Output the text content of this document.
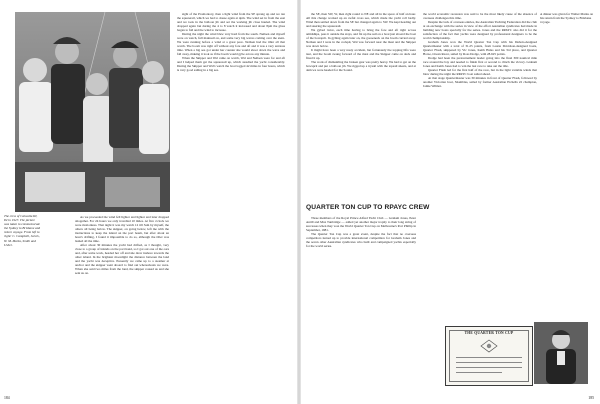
The crew of Calwalla III,
Ilé in 1927. The picture
was taken to commemorate
the Sydney to Brisbane and
return voyage. From left to
right: C. Campbell, Jarvis,
W. M. Marks, Smith and
Usher.

As we proceeded the wind fell lighter and lighter and later dropped altogether. For 24 hours we only travelled 10 miles. At five o'clock we were motionless. That night it was my watch 12 till 3am by myself, the others all being below. The skipper, on going below, left me with the instructions to keep the island on the port beam, but after about an hour's drifting, I found it impossible to do so, although the tiller was lashed all the time.

After about 30 minutes the yacht had drifted, as I thought, very close to a group of islands on the port hand, so I got out one of the oars and, after some work, headed her off and she drew inshore towards the other island. In the brightest moonlight the distance between the land and the yacht was deceptive. Presently we came up to a steamer at anchor and the skipper went aboard to find out whereabouts we were. When she said two miles from the land, the skipper roused us and she sent us on.

sight of the Promontory, then a light wind from the SE sprang up and we ran the squarerail, which we had to douse again at 4pm. The wind set in from the east and we took in the balloon jib and set the working jib close hauled. The wind dropped again but during the 4 to 8 watch it increased and about 8pm the glass began to fall and the wind to increase.

During the night the wind blew very hard from the south. Neilsen and myself were on watch, full mainsail on, and some very big waves coming over the stern. We were running before a wind at a great pace. Neilsen had the tiller all that watch. The boom was right off without any fore and aft and it was a very anxious time. When a big sea got under her counter she would shoot down the wave and fall away, making it look as if the boom would gybe across any minute.

When the Skipper and Wal came on watch, Wal and Neilsen were for and aft and I helped them get the squaresail up, which steadied the yacht considerably. During the Skipper and Wal's watch the boat logged 42 miles in four hours, which is very good sailing in a big sea.

184

the SE, then SW, W, then right round to NE and all in the space of half an hour. All this change worked up an awful cross sea, which made the yacht roll badly. Wind then settled down from the SE but changed again to SW. We kept heading out and steering the squaresail.

We gybed twice, each time having to bring the fore and aft right across amidships, pass it outside the stays, and fix up the sail on a boat just aboard the boat of the bowsprit. In gybing again later on, the gooseneck on the boom carried away. Neilsen and I were in the cockpit, Wal was forward near the mast and the Skipper was down below.

It might have been a very nasty accident, but fortunately the topping lifts were taut, and the boom swung forward of the mast and the Skipper came on deck and fixed it up.

The work of dismantling the broken gear was pretty heavy. We had to get on the bowsprit and put a balloon jib. We rigged up a trysail with the topsail sheets, and at 4am we were headed for the Sound.

QUARTER TON CUP TO RPAYC CREW

Three members of the Royal Prince Alfred Yacht Club — Graham Jones, Peter Antill and Max Tunbridge — added yet another major trophy to their long string of successes when they won the World Quarter Ton Cup on Melbourne's Port Phillip in September, 1981.

The Quarter Ton Cup was a great event, despite the fact that no overseas competitors turned up to provide international competition for Graham Jones and the seven other Australian syndicates who built and campaigned yachts especially for the world series.

the world economic recession was said to be the most likely cause of the absence of overseas challenges this time.

Despite the lack of overseas entries, the Australian Yachting Federation did the club at an exchange with the series in view of the effort Australian syndicates had made in building new boats specially for the series. Jones and the RPAYC also did it for the satisfaction of the fact that yachts were designed by professional designers to be the world championship.

Graham Jones won the World Quarter Ton Cup with his Dubois-designed Quartermaster with a total of 31.25 points, from Laurie Davidson-designed boats, Quarter Flash, skippered by Vic Jones, Keith Hales and his 3rd place, and Quarter Horse, Ocean Racer, sailed by Ross Dodge, with 28.625 points.

Dodge had been the pretournament leader going into the final 300 nautical mile race around the bay and needed to finish first or second to clinch the victory. Graham Jones and Keith Jones had to win the last race to take out the title.

Quarter Flash led for the first half of the race, but in the light variable winds that blew during the night the RPAYC boat sailed ahead.

At that stage Quartermaster was 30 minutes in front of Quarter Flash, followed by another Victorian boat, Shambles, sailed by former Australian Etchells 22 champion, Jamie Wilmot.

A dinner was given for Walter Marks on his return from the Sydney to Brisbane voyage.
THE QUARTER TON CUP
185
